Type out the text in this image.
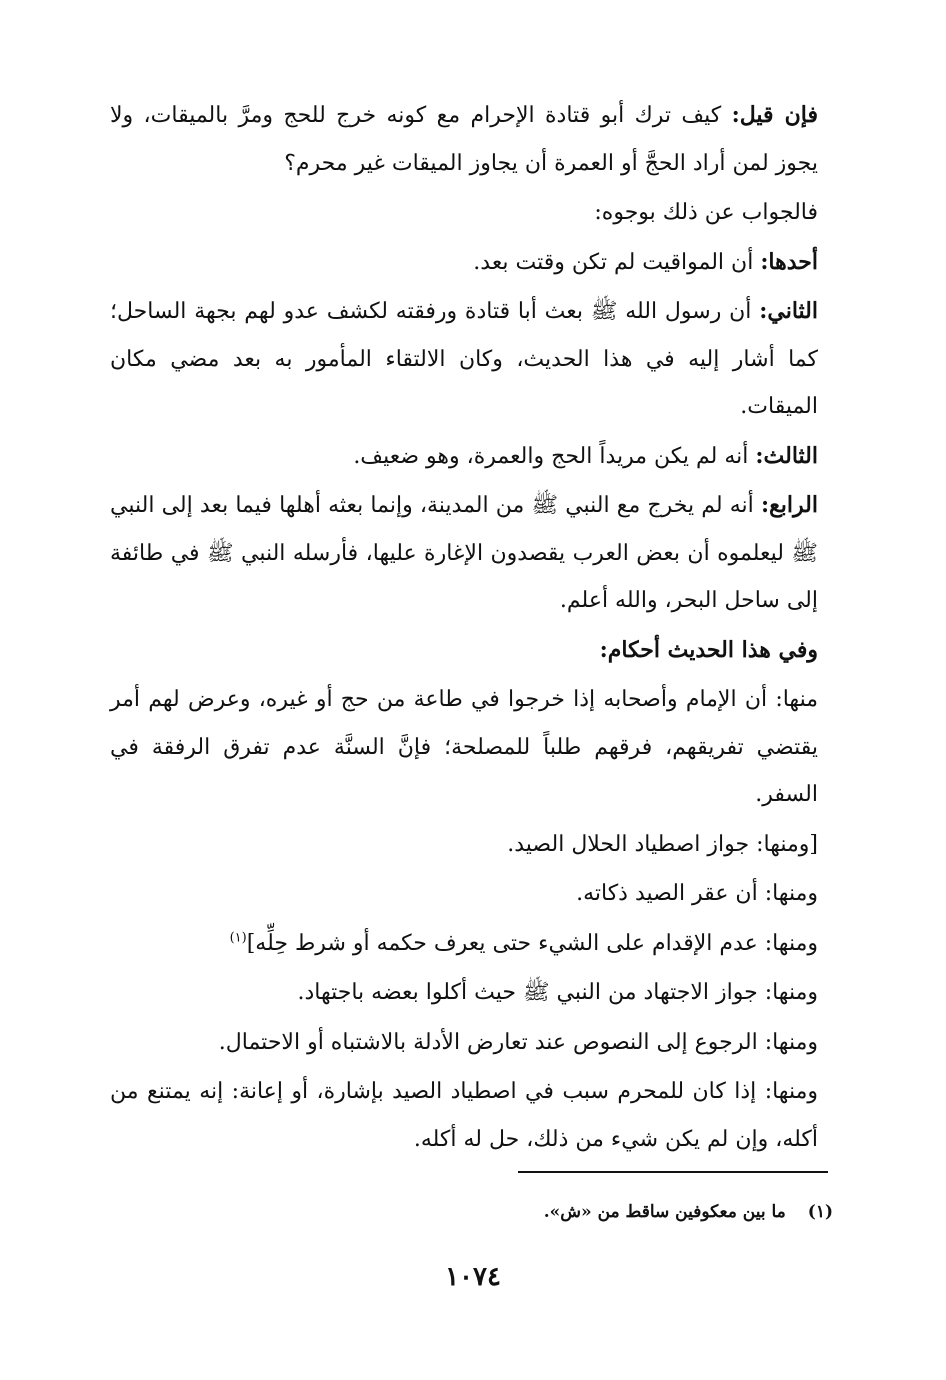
فإن قيل: كيف ترك أبو قتادة الإحرام مع كونه خرج للحج ومرَّ بالميقات، ولا يجوز لمن أراد الحجَّ أو العمرة أن يجاوز الميقات غير محرم؟

فالجواب عن ذلك بوجوه:

أحدها: أن المواقيت لم تكن وقتت بعد.

الثاني: أن رسول الله ﷺ بعث أبا قتادة ورفقته لكشف عدو لهم بجهة الساحل؛ كما أشار إليه في هذا الحديث، وكان الالتقاء المأمور به بعد مضي مكان الميقات.

الثالث: أنه لم يكن مريداً الحج والعمرة، وهو ضعيف.

الرابع: أنه لم يخرج مع النبي ﷺ من المدينة، وإنما بعثه أهلها فيما بعد إلى النبي ﷺ ليعلموه أن بعض العرب يقصدون الإغارة عليها، فأرسله النبي ﷺ في طائفة إلى ساحل البحر، والله أعلم.

وفي هذا الحديث أحكام:

منها: أن الإمام وأصحابه إذا خرجوا في طاعة من حج أو غيره، وعرض لهم أمر يقتضي تفريقهم، فرقهم طلباً للمصلحة؛ فإنَّ السنَّة عدم تفرق الرفقة في السفر.

[ومنها: جواز اصطياد الحلال الصيد.

ومنها: أن عقر الصيد ذكاته.

ومنها: عدم الإقدام على الشيء حتى يعرف حكمه أو شرط حِلِّه]$^{(١)}$

ومنها: جواز الاجتهاد من النبي ﷺ حيث أكلوا بعضه باجتهاد.

ومنها: الرجوع إلى النصوص عند تعارض الأدلة بالاشتباه أو الاحتمال.

ومنها: إذا كان للمحرم سبب في اصطياد الصيد بإشارة، أو إعانة: إنه يمتنع من أكله، وإن لم يكن شيء من ذلك، حل له أكله.

(١)ما بين معكوفين ساقط من «ش».
١٠٧٤
